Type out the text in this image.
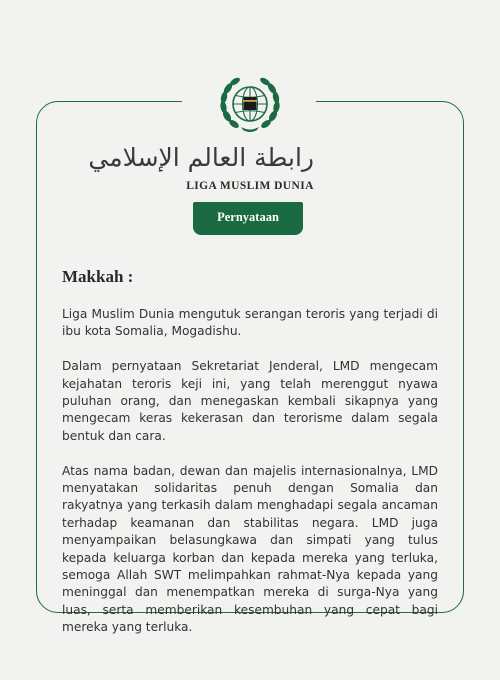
رابطة العالم الإسلامي
LIGA MUSLIM DUNIA
Pernyataan
Makkah :

Liga Muslim Dunia mengutuk serangan teroris yang terjadi di ibu kota Somalia, Mogadishu.

Dalam pernyataan Sekretariat Jenderal, LMD mengecam kejahatan teroris keji ini, yang telah merenggut nyawa puluhan orang, dan menegaskan kembali sikapnya yang mengecam keras kekerasan dan terorisme dalam segala bentuk dan cara.

Atas nama badan, dewan dan majelis internasionalnya, LMD menyatakan solidaritas penuh dengan Somalia dan rakyatnya yang terkasih dalam menghadapi segala ancaman terhadap keamanan dan stabilitas negara. LMD juga menyampaikan belasungkawa dan simpati yang tulus kepada keluarga korban dan kepada mereka yang terluka, semoga Allah SWT melimpahkan rahmat-Nya kepada yang meninggal dan menempatkan mereka di surga-Nya yang luas, serta memberikan kesembuhan yang cepat bagi mereka yang terluka.
